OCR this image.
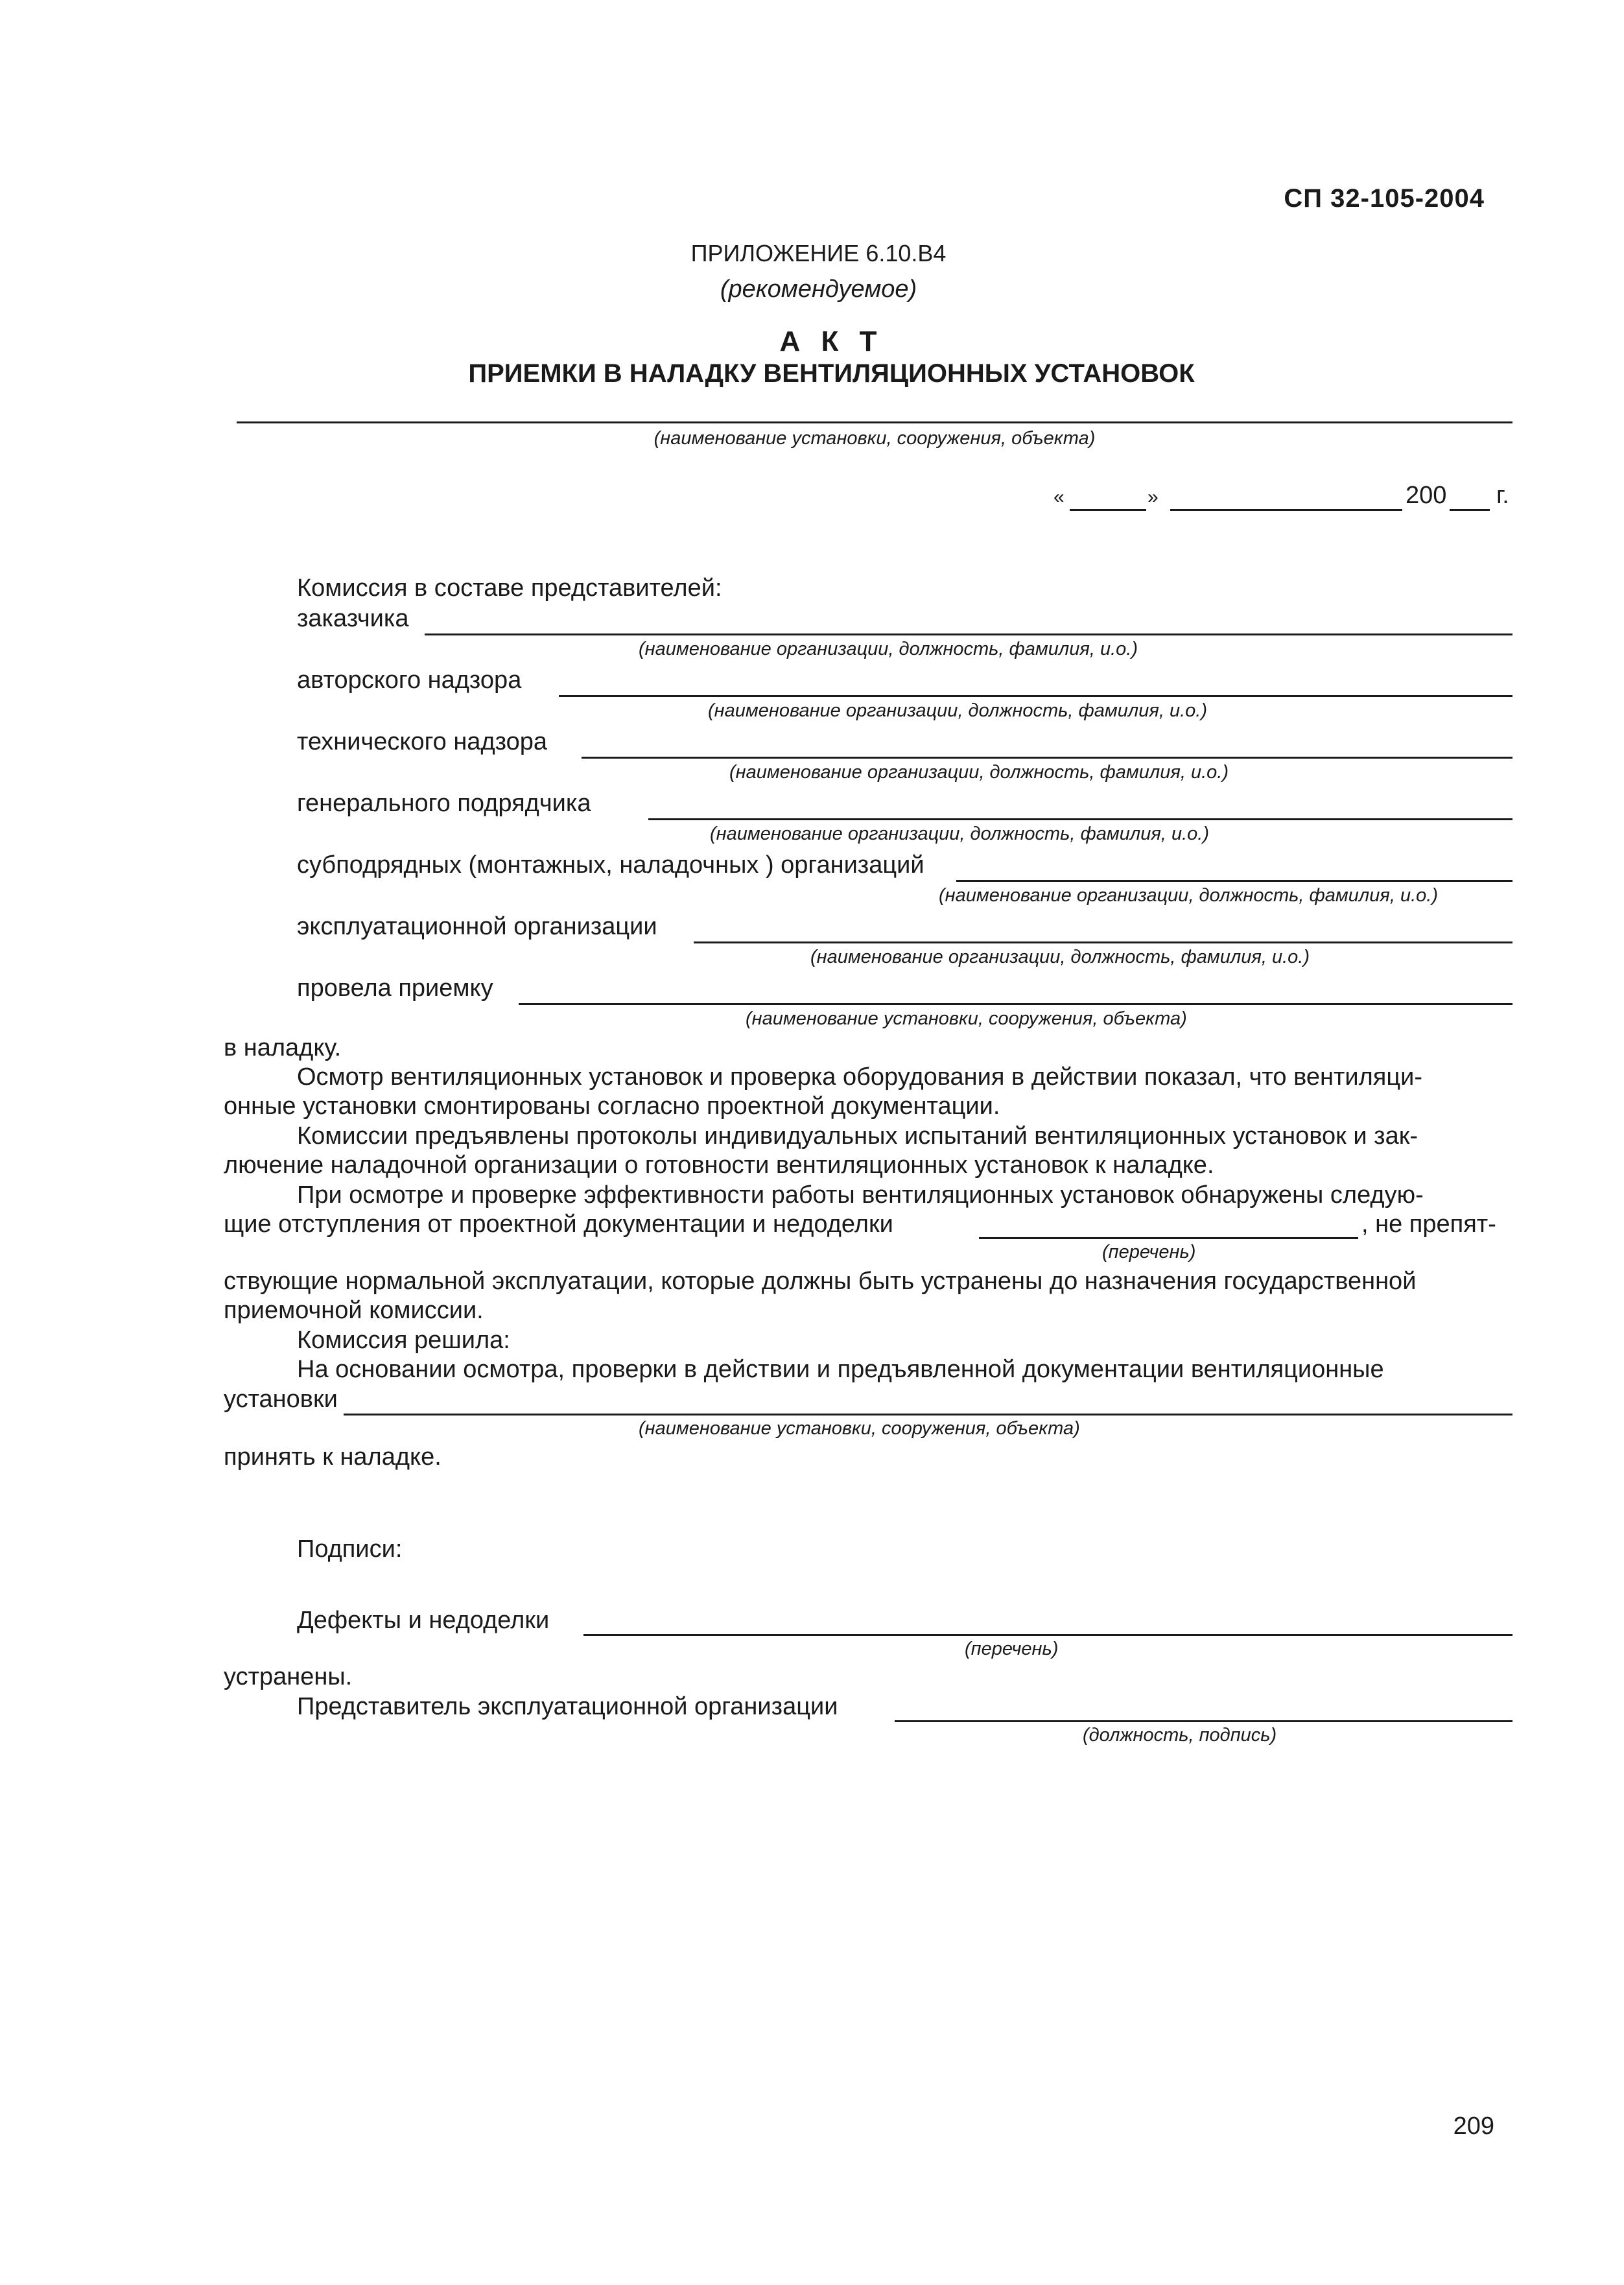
СП 32-105-2004
ПРИЛОЖЕНИЕ 6.10.В4
(рекомендуемое)
А К Т
ПРИЕМКИ В НАЛАДКУ ВЕНТИЛЯЦИОННЫХ УСТАНОВОК
(наименование установки, сооружения, объекта)
«	»	200 г.
Комиссия в составе представителей:
заказчика
(наименование организации, должность, фамилия, и.о.)
авторского надзора
(наименование организации, должность, фамилия, и.о.)
технического надзора
(наименование организации, должность, фамилия, и.о.)
генерального подрядчика
(наименование организации, должность, фамилия, и.о.)
субподрядных (монтажных, наладочных ) организаций
(наименование организации, должность, фамилия, и.о.)
эксплуатационной организации
(наименование организации, должность, фамилия, и.о.)
провела приемку
(наименование установки, сооружения, объекта)
в наладку.
Осмотр вентиляционных установок и проверка оборудования в действии показал, что вентиляци-
онные установки смонтированы согласно проектной документации.
Комиссии предъявлены протоколы индивидуальных испытаний вентиляционных установок и зак-
лючение наладочной организации о готовности вентиляционных установок к наладке.
При осмотре и проверке эффективности работы вентиляционных установок обнаружены следую-
щие отступления от проектной документации и недоделки	, не препят-
(перечень)
ствующие нормальной эксплуатации, которые должны быть устранены до назначения государственной
приемочной комиссии.
Комиссия решила:
На основании осмотра, проверки в действии и предъявленной документации вентиляционные
установки
(наименование установки, сооружения, объекта)
принять к наладке.
Подписи:
Дефекты и недоделки
(перечень)
устранены.
Представитель эксплуатационной организации
(должность, подпись)
209
